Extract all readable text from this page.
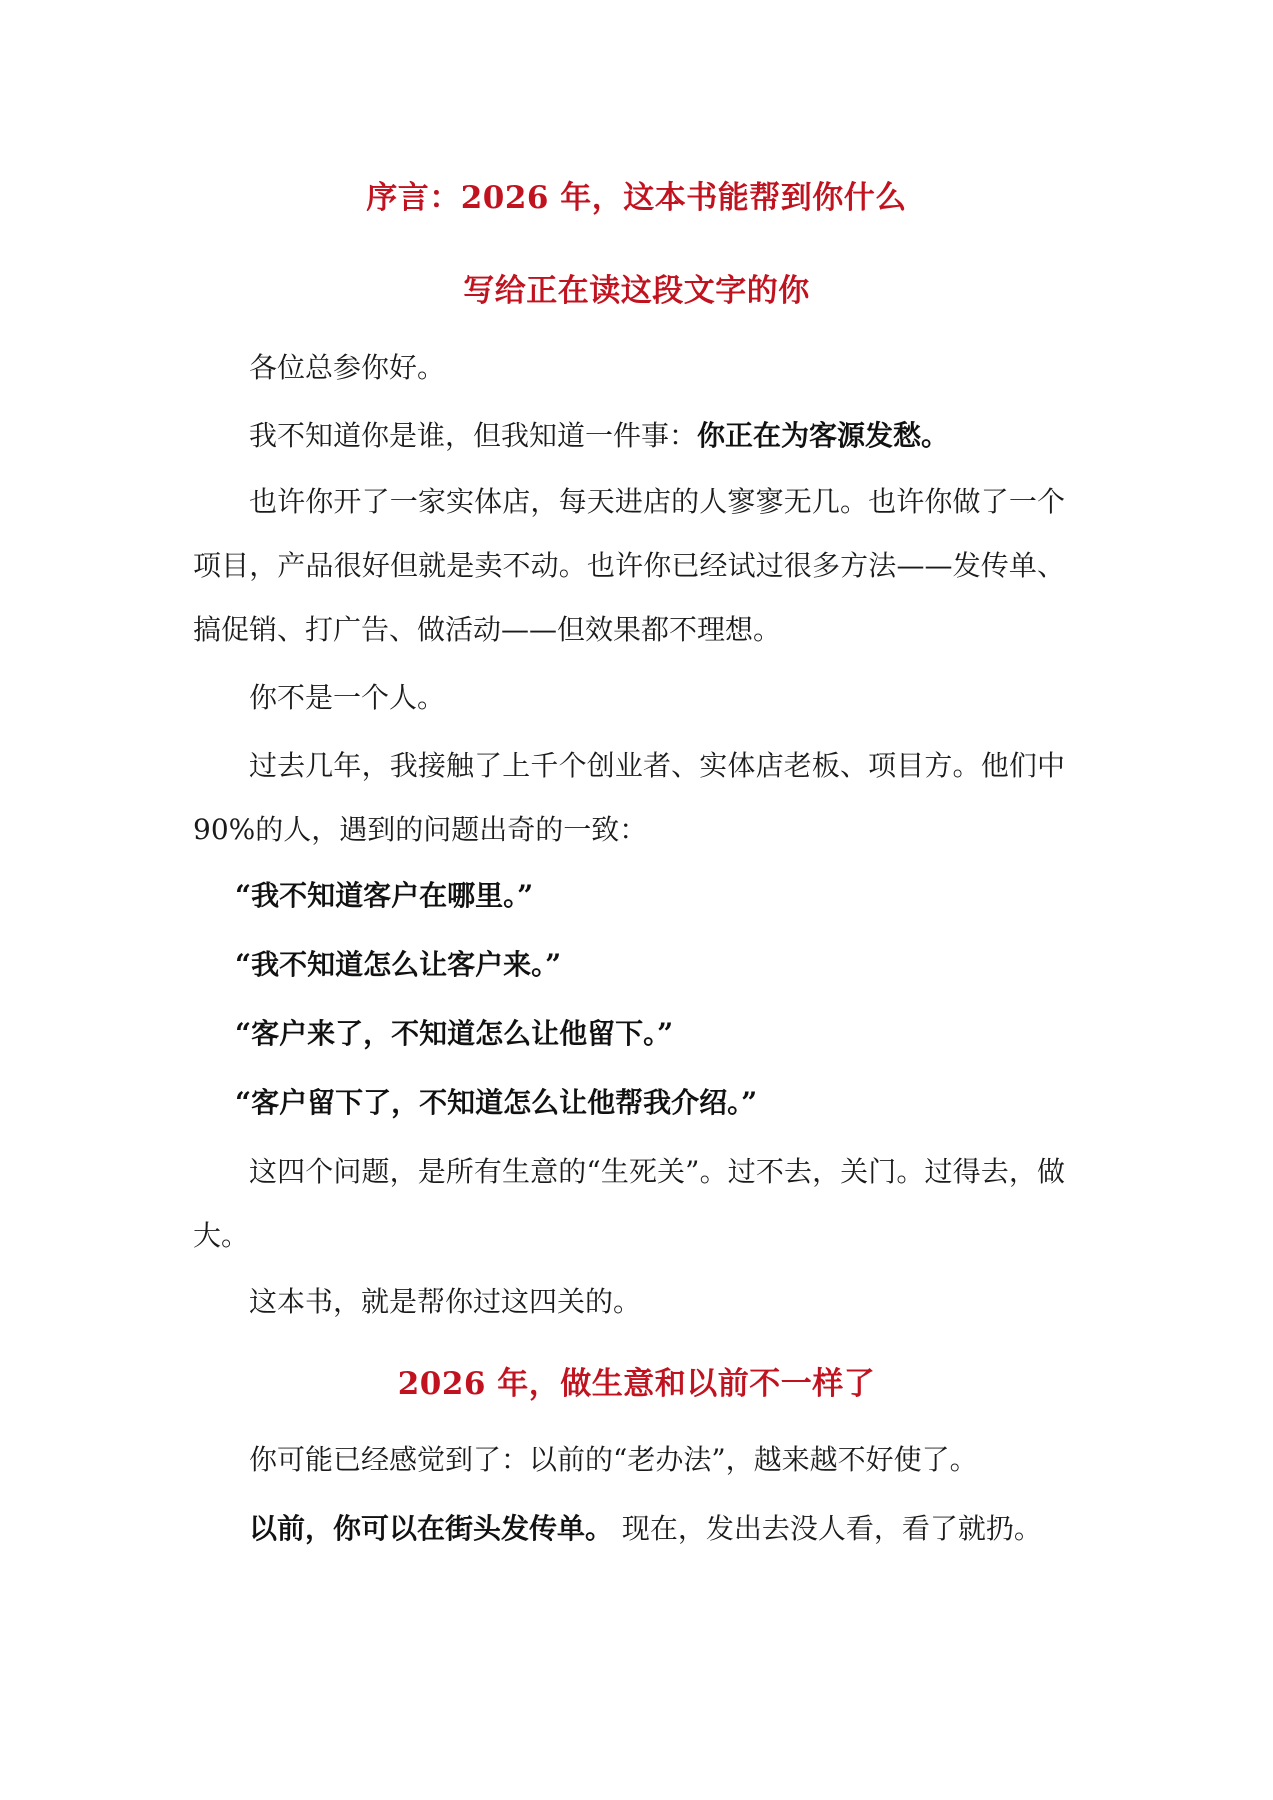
序言：2026 年，这本书能帮到你什么
写给正在读这段文字的你

各位总参你好。

我不知道你是谁，但我知道一件事：你正在为客源发愁。

也许你开了一家实体店，每天进店的人寥寥无几。也许你做了一个项目，产品很好但就是卖不动。也许你已经试过很多方法——发传单、搞促销、打广告、做活动——但效果都不理想。

你不是一个人。

过去几年，我接触了上千个创业者、实体店老板、项目方。他们中 90%的人，遇到的问题出奇的一致：

“我不知道客户在哪里。”

“我不知道怎么让客户来。”

“客户来了，不知道怎么让他留下。”

“客户留下了，不知道怎么让他帮我介绍。”

这四个问题，是所有生意的“生死关”。过不去，关门。过得去，做大。

这本书，就是帮你过这四关的。

2026 年，做生意和以前不一样了

你可能已经感觉到了：以前的“老办法”，越来越不好使了。

以前，你可以在街头发传单。 现在，发出去没人看，看了就扔。
